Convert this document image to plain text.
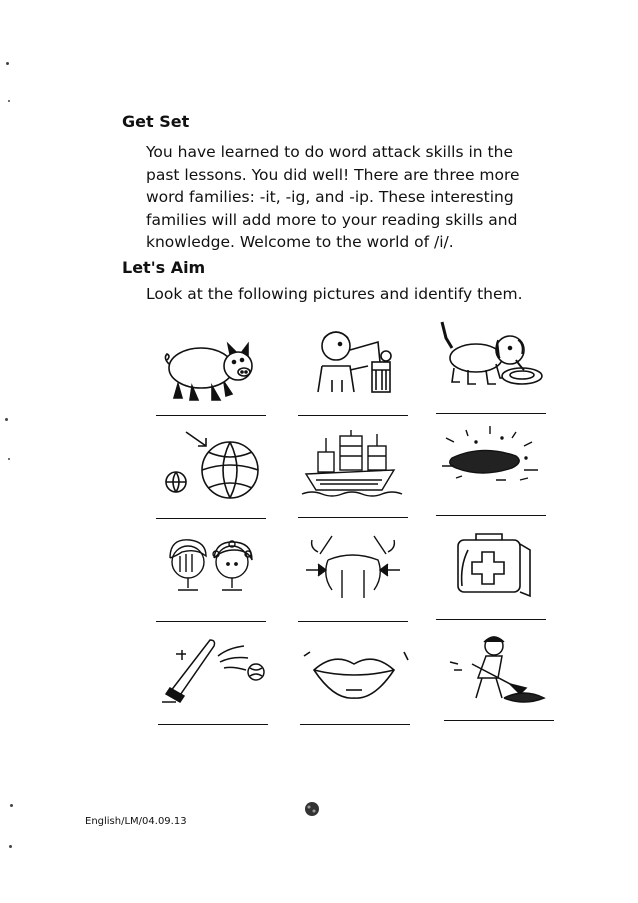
Get Set
You have learned to do word attack skills in the
past lessons. You did well! There are three more
word families: -it, -ig, and -ip. These interesting
families will add more to your reading skills and
knowledge. Welcome to the world of /i/.
Let's Aim
Look at the following pictures and identify them.
English/LM/04.09.13
